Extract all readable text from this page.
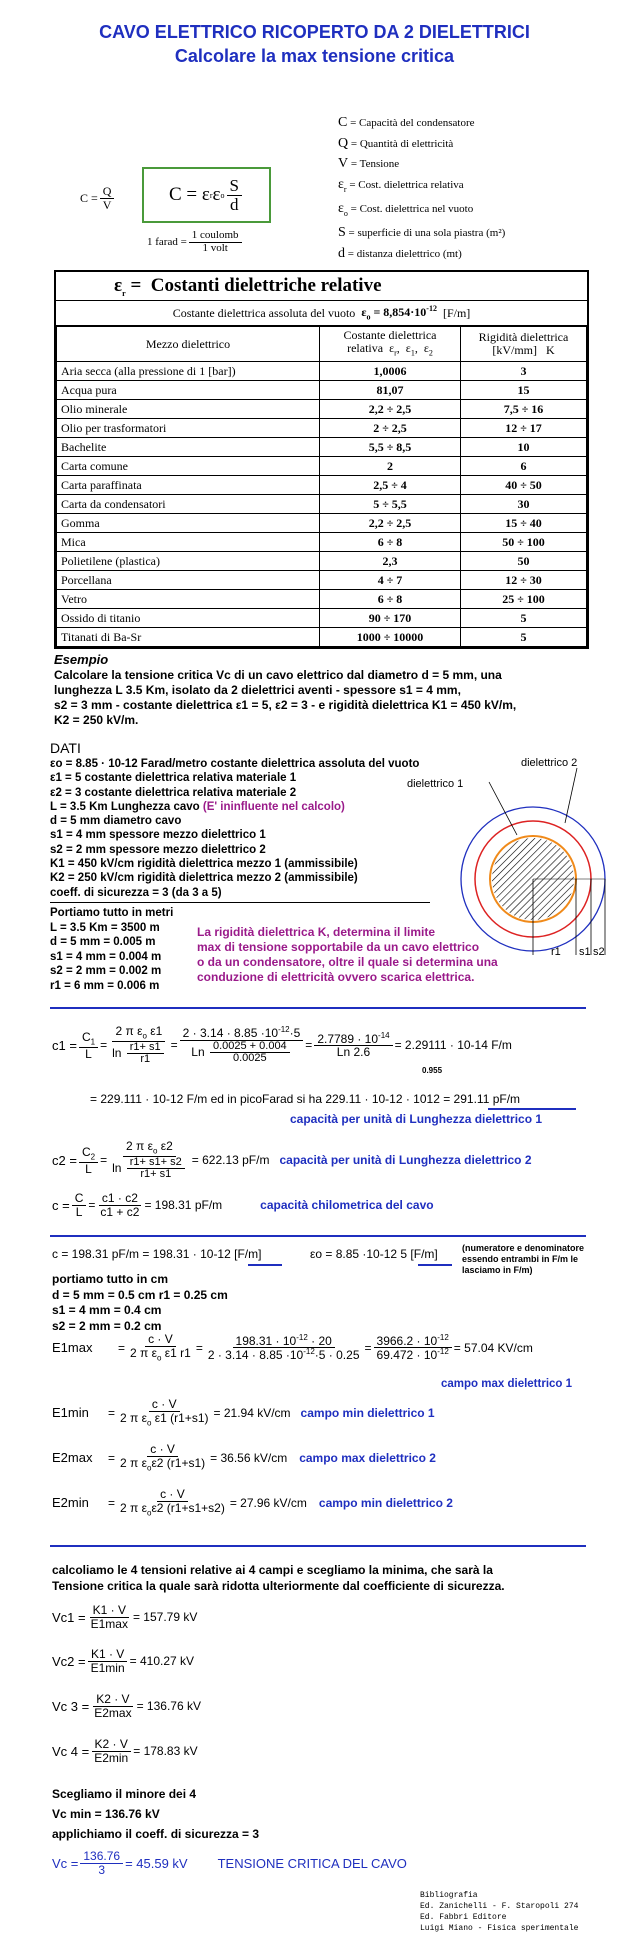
CAVO ELETTRICO RICOPERTO DA 2 DIELETTRICI
Calcolare la max tensione critica
$C = \frac{Q}{V}$	C = ε r ε o $\frac{S}{d}$
1 farad = $\frac{\text{1 coulomb}}{\text{1 volt}}$
C = Capacità del condensatore
Q = Quantità di elettricità
V = Tensione
$\varepsilon_r$ = Cost. dielettrica relativa
$\varepsilon_o$ = Cost. dielettrica nel vuoto
S = superficie di una sola piastra (m²)
d = distanza dielettrico (mt)
$\varepsilon_r$ =  Costanti dielettriche relative
Costante dielettrica assoluta del vuoto $\varepsilon_o = 8,854\cdot 10^{-12}$ [F/m]
Mezzo dielettrico	Costante dielettrica
relativa  $\varepsilon_r$,  $\varepsilon_1$,  $\varepsilon_2$	Rigidità dielettrica
[kV/mm]   K
Aria secca (alla pressione di 1 [bar])	1,0006	3
Acqua pura	81,07	15
Olio minerale	2,2 ÷ 2,5	7,5 ÷ 16
Olio per trasformatori	2 ÷ 2,5	12 ÷ 17
Bachelite	5,5 ÷ 8,5	10
Carta comune	2	6
Carta paraffinata	2,5 ÷ 4	40 ÷ 50
Carta da condensatori	5 ÷ 5,5	30
Gomma	2,2 ÷ 2,5	15 ÷ 40
Mica	6 ÷ 8	50 ÷ 100
Polietilene (plastica)	2,3	50
Porcellana	4 ÷ 7	12 ÷ 30
Vetro	6 ÷ 8	25 ÷ 100
Ossido di titanio	90 ÷ 170	5
Titanati di Ba-Sr	1000 ÷ 10000	5
Esempio
Calcolare la tensione critica Vc di un cavo elettrico dal diametro d = 5 mm, una
lunghezza L 3.5 Km, isolato da 2 dielettrici aventi - spessore s1 = 4 mm,
s2 = 3 mm - costante dielettrica ε1 = 5, ε2 = 3 - e rigidità dielettrica K1 = 450 kV/m,
K2 = 250 kV/m.
DATI
εo = 8.85 · 10-12 Farad/metro costante dielettrica assoluta del vuoto
ε1 = 5 costante dielettrica relativa materiale 1
ε2 = 3 costante dielettrica relativa materiale 2
L = 3.5 Km Lunghezza cavo (E' ininfluente nel calcolo)
d = 5 mm diametro cavo
s1 = 4 mm spessore mezzo dielettrico 1
s2 = 2 mm spessore mezzo dielettrico 2
K1 = 450 kV/cm rigidità dielettrica mezzo 1 (ammissibile)
K2 = 250 kV/cm rigidità dielettrica mezzo 2 (ammissibile)
coeff. di sicurezza = 3 (da 3 a 5)
dielettrico 1
dielettrico 2
r1 s1 s2
Portiamo tutto in metri
L = 3.5 Km = 3500 m
d = 5 mm = 0.005 m
s1 = 4 mm = 0.004 m
s2 = 2 mm = 0.002 m
r1 = 6 mm = 0.006 m
La rigidità dielettrica K, determina il limite
max di tensione sopportabile da un cavo elettrico
o da un condensatore, oltre il quale si determina una
conduzione di elettricità ovvero scarica elettrica.
$c1 = \frac{C_1}{L} = \frac{2 \pi \varepsilon_o \varepsilon 1}{\ln \frac{r1+ s1}{r1}} = \frac{2 \cdot 3.14 \cdot 8.85 \cdot 10^{-12}\cdot 5}{Ln \frac{0.0025 + 0.004}{0.0025}} = \frac{2.7789 \cdot 10^{-14}}{Ln 2.6} = 2.29111 \cdot 10-14$ F/m
0.955
= 229.111 · 10-12 F/m ed in picoFarad si ha 229.11 · 10-12 · 1012 = 291.11 pF/m
capacità per unità di Lunghezza dielettrico 1
$c2 = \frac{C_2}{L} = \frac{2 \pi \varepsilon_o \varepsilon 2}{\ln \frac{r1+ s1+ s2}{r1+ s1}} = 622.13$ pF/m capacità per unità di Lunghezza dielettrico 2
$c = \frac{C}{L} = \frac{c1 \cdot c2}{c1 + c2} = 198.31$ pF/m	capacità chilometrica del cavo
c = 198.31 pF/m = 198.31 · 10-12 [F/m]	εo = 8.85 ·10-12 5 [F/m]	(numeratore e denominatore essendo entrambi in F/m le lasciamo in F/m)
portiamo tutto in cm
d = 5 mm = 0.5 cm r1 = 0.25 cm
s1 = 4 mm = 0.4 cm
s2 = 2 mm = 0.2 cm
E1max	= $\frac{c \cdot V}{2 \pi \varepsilon_o \varepsilon 1 r1} = \frac{198.31 \cdot 10^{-12} \cdot 20}{2 \cdot 3.14 \cdot 8.85 \cdot 10^{-12}\cdot 5 \cdot 0.25} = \frac{3966.2 \cdot 10^{-12}}{69.472 \cdot 10^{-12}} = 57.04$ KV/cm
campo max dielettrico 1
E1min	= $\frac{c \cdot V}{2 \pi \varepsilon_o \varepsilon 1 (r1+s1)} = 21.94$ kV/cm campo min dielettrico 1
E2max	= $\frac{c \cdot V}{2 \pi \varepsilon_o\varepsilon 2 (r1+s1)} = 36.56$ kV/cm campo max dielettrico 2
E2min	= $\frac{c \cdot V}{2 \pi \varepsilon_o\varepsilon 2 (r1+s1+s2)} = 27.96$ kV/cm campo min dielettrico 2
calcoliamo le 4 tensioni relative ai 4 campi e scegliamo la minima, che sarà la
Tensione critica la quale sarà ridotta ulteriormente dal coefficiente di sicurezza.
$Vc1 = \frac{K1 \cdot V}{E1\max} = 157.79$ kV
$Vc2 = \frac{K1 \cdot V}{E1\min} = 410.27$ kV
Vc $3 = \frac{K2 \cdot V}{E2\max} = 136.76$ kV
Vc $4 = \frac{K2 \cdot V}{E2\min} = 178.83$ kV
Scegliamo il minore dei 4
Vc min = 136.76 kV
applichiamo il coeff. di sicurezza = 3
$Vc = \frac{136.76}{3} = 45.59$ kV TENSIONE CRITICA DEL CAVO
Bibliografia
Ed. Zanichelli - F. Staropoli 274
Ed. Fabbri Editore
Luigi Miano - Fisica sperimentale
